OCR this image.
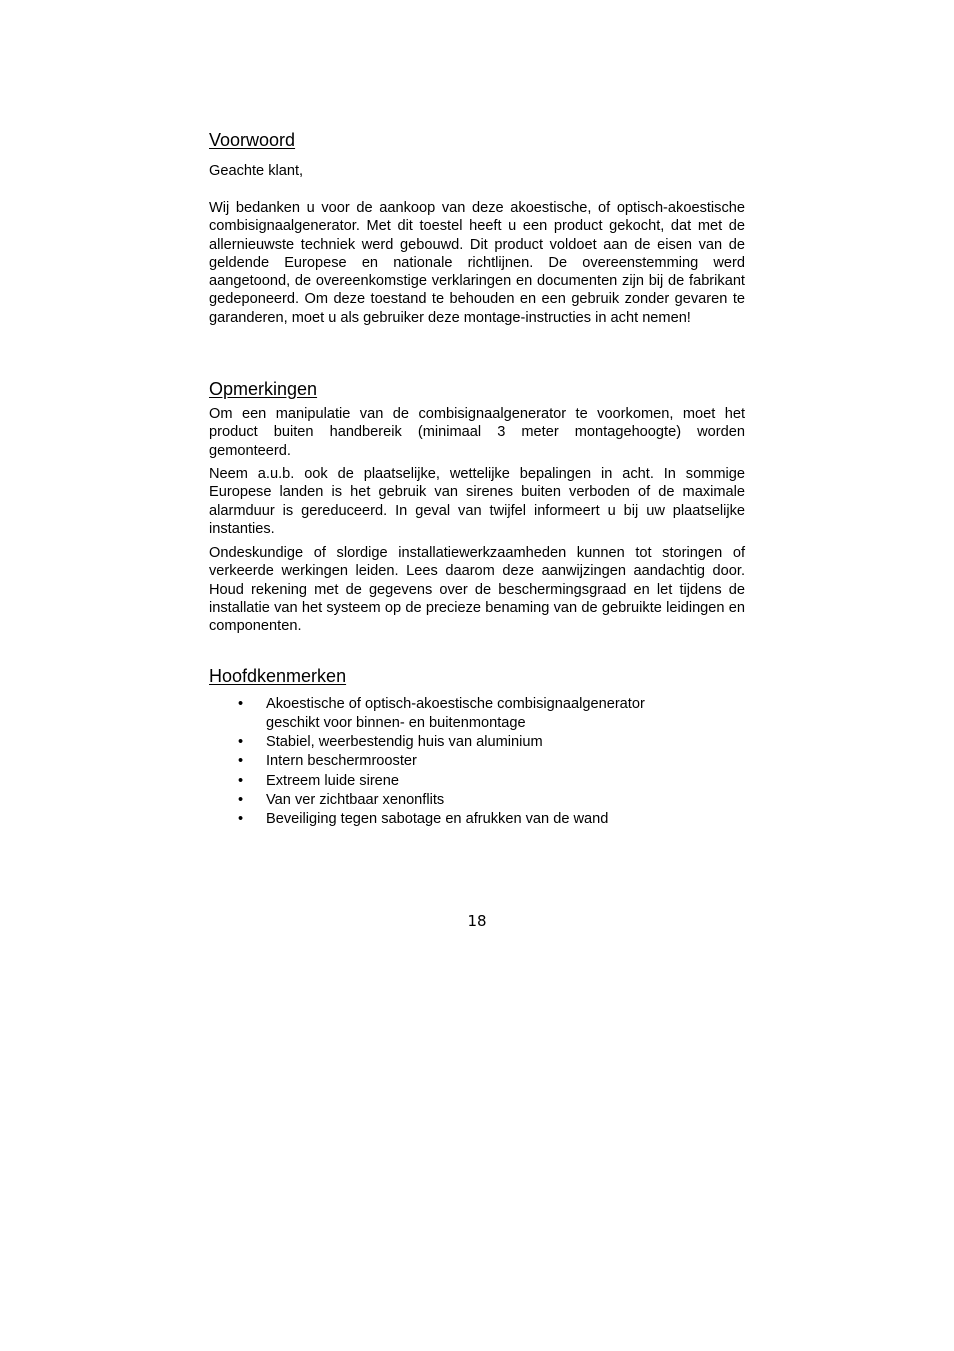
Voorwoord

Geachte klant,

Wij bedanken u voor de aankoop van deze akoestische, of optisch-akoestische combisignaalgenerator. Met dit toestel heeft u een product gekocht, dat met de allernieuwste techniek werd gebouwd. Dit product voldoet aan de eisen van de geldende Europese en nationale richtlijnen. De overeenstemming werd aangetoond, de overeenkomstige verklaringen en documenten zijn bij de fabrikant gedeponeerd. Om deze toestand te behouden en een gebruik zonder gevaren te garanderen, moet u als gebruiker deze montage-instructies in acht nemen!

Opmerkingen

Om een manipulatie van de combisignaalgenerator te voorkomen, moet het product buiten handbereik (minimaal 3 meter montagehoogte) worden gemonteerd.

Neem a.u.b. ook de plaatselijke, wettelijke bepalingen in acht. In sommige Europese landen is het gebruik van sirenes buiten verboden of de maximale alarmduur is gereduceerd. In geval van twijfel informeert u bij uw plaatselijke instanties.

Ondeskundige of slordige installatiewerkzaamheden kunnen tot storingen of verkeerde werkingen leiden. Lees daarom deze aanwijzingen aandachtig door. Houd rekening met de gegevens over de beschermingsgraad en let tijdens de installatie van het systeem op de precieze benaming van de gebruikte leidingen en componenten.

Hoofdkenmerken
• Akoestische of optisch-akoestische combisignaalgenerator geschikt voor binnen- en buitenmontage
• Stabiel, weerbestendig huis van aluminium
• Intern beschermrooster
• Extreem luide sirene
• Van ver zichtbaar xenonflits
• Beveiliging tegen sabotage en afrukken van de wand
18
